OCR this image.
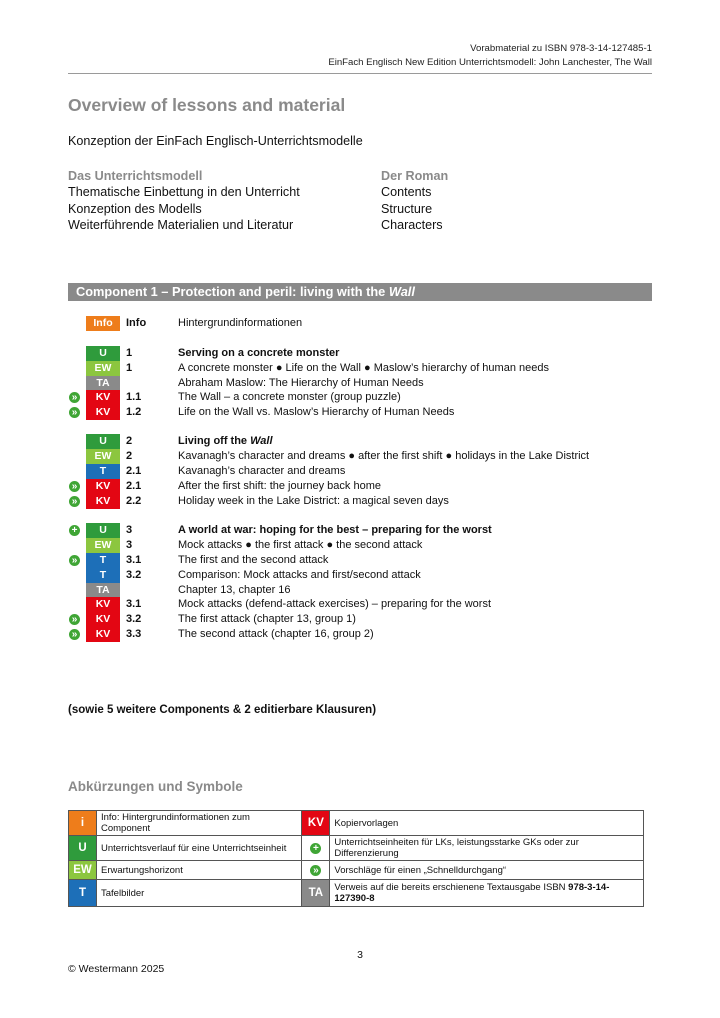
Vorabmaterial zu ISBN 978-3-14-127485-1
EinFach Englisch New Edition Unterrichtsmodell: John Lanchester, The Wall
Overview of lessons and material
Konzeption der EinFach Englisch-Unterrichtsmodelle
Das Unterrichtsmodell
Thematische Einbettung in den Unterricht
Konzeption des Modells
Weiterführende Materialien und Literatur
Der Roman
Contents
Structure
Characters
Component 1 – Protection and peril: living with the Wall
Info	Info	Hintergrundinformationen
U	1	Serving on a concrete monster
EW	1	A concrete monster ● Life on the Wall ● Maslow’s hierarchy of human needs
TA	Abraham Maslow: The Hierarchy of Human Needs
»	KV	1.1	The Wall – a concrete monster (group puzzle)
»	KV	1.2	Life on the Wall vs. Maslow’s Hierarchy of Human Needs
U	2	Living off the Wall
EW	2	Kavanagh’s character and dreams ● after the first shift ● holidays in the Lake District
T	2.1	Kavanagh’s character and dreams
»	KV	2.1	After the first shift: the journey back home
»	KV	2.2	Holiday week in the Lake District: a magical seven days
+	U	3	A world at war: hoping for the best – preparing for the worst
EW	3	Mock attacks ● the first attack ● the second attack
»	T	3.1	The first and the second attack
T	3.2	Comparison: Mock attacks and first/second attack
TA	Chapter 13, chapter 16
KV	3.1	Mock attacks (defend-attack exercises) – preparing for the worst
»	KV	3.2	The first attack (chapter 13, group 1)
»	KV	3.3	The second attack (chapter 16, group 2)
(sowie 5 weitere Components & 2 editierbare Klausuren)
Abkürzungen und Symbole
i	Info: Hintergrundinformationen zum Component	KV	Kopiervorlagen
U	Unterrichtsverlauf für eine Unterrichtseinheit	+	Unterrichtseinheiten für LKs, leistungsstarke GKs oder zur Differenzierung
EW	Erwartungshorizont	»	Vorschläge für einen „Schnelldurchgang“
T	Tafelbilder	TA	Verweis auf die bereits erschienene Textausgabe ISBN 978-3-14-127390-8
3
© Westermann 2025
